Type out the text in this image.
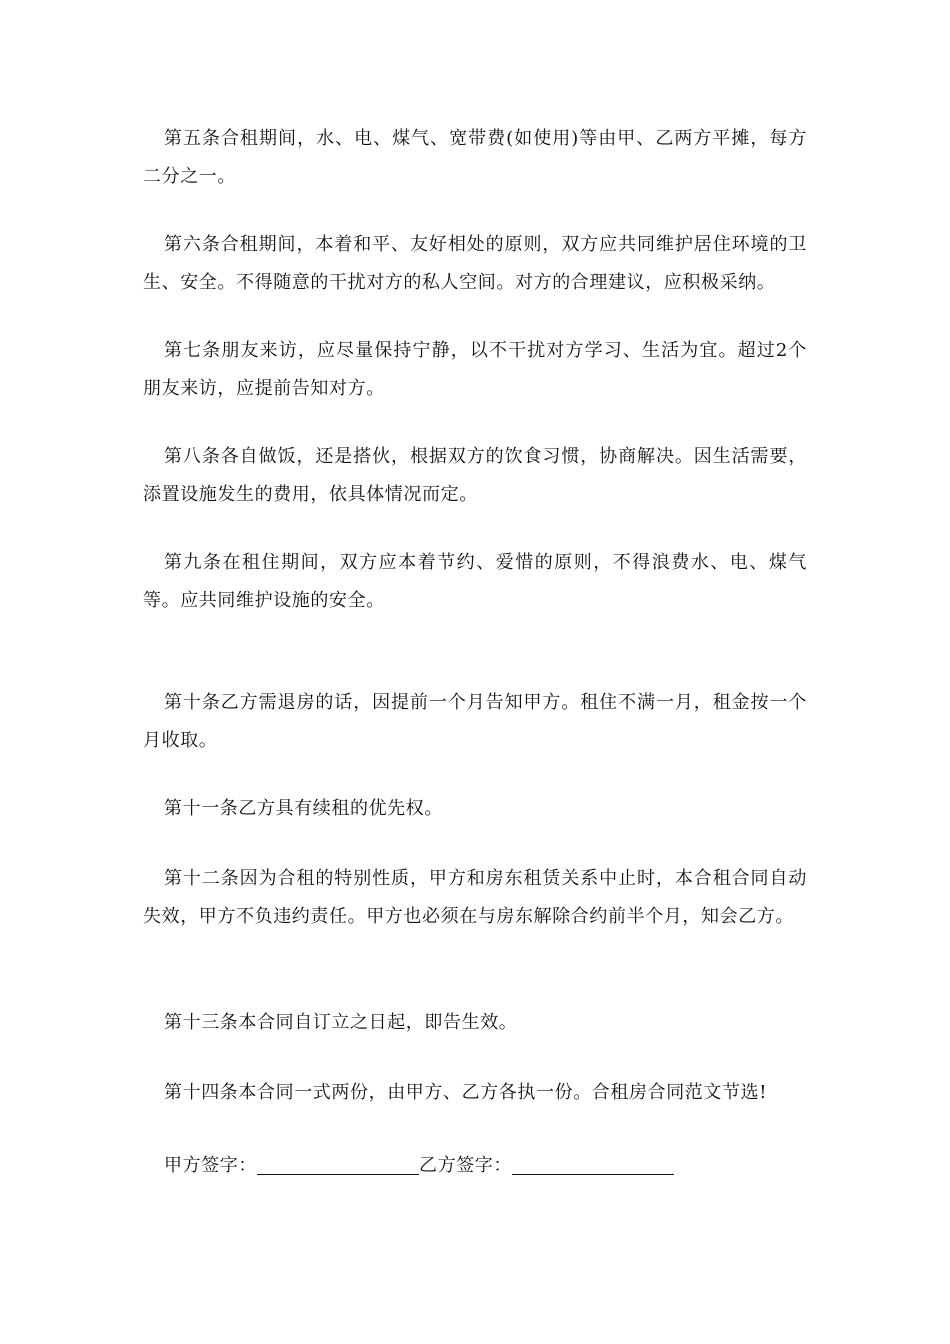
第五条合租期间，水、电、煤气、宽带费(如使用)等由甲、乙两方平摊，每方二分之一。

第六条合租期间，本着和平、友好相处的原则，双方应共同维护居住环境的卫生、安全。不得随意的干扰对方的私人空间。对方的合理建议，应积极采纳。

第七条朋友来访，应尽量保持宁静，以不干扰对方学习、生活为宜。超过2个朋友来访，应提前告知对方。

第八条各自做饭，还是搭伙，根据双方的饮食习惯，协商解决。因生活需要，添置设施发生的费用，依具体情况而定。

第九条在租住期间，双方应本着节约、爱惜的原则，不得浪费水、电、煤气等。应共同维护设施的安全。

第十条乙方需退房的话，因提前一个月告知甲方。租住不满一月，租金按一个月收取。

第十一条乙方具有续租的优先权。

第十二条因为合租的特别性质，甲方和房东租赁关系中止时，本合租合同自动失效，甲方不负违约责任。甲方也必须在与房东解除合约前半个月，知会乙方。

第十三条本合同自订立之日起，即告生效。

第十四条本合同一式两份，由甲方、乙方各执一份。合租房合同范文节选!

甲方签字：	乙方签字：
